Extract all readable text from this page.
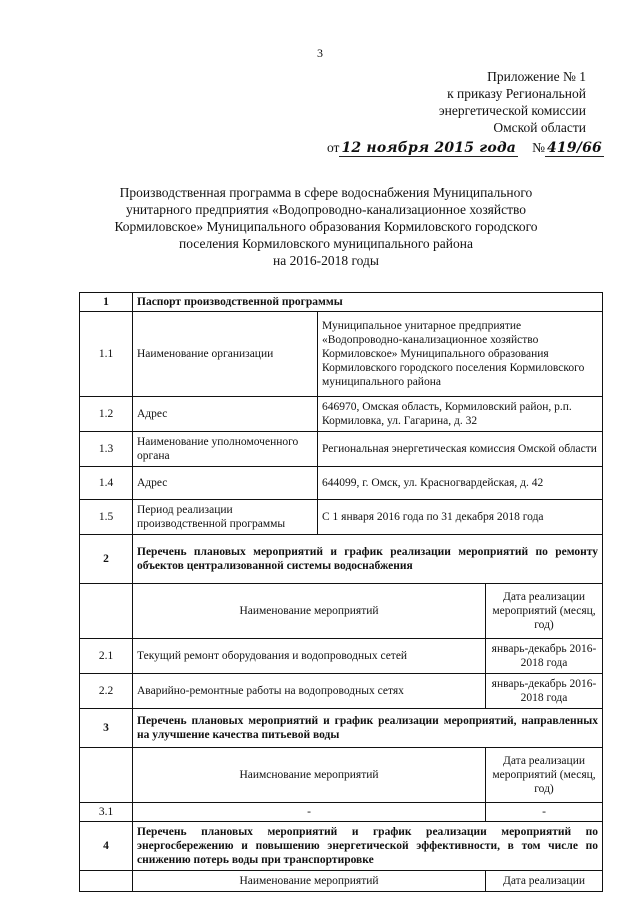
3
Приложение № 1
к приказу Региональной
энергетической комиссии
Омской области
от 12 ноября 2015 года № 419/66
Производственная программа в сфере водоснабжения Муниципального
унитарного предприятия «Водопроводно-канализационное хозяйство
Кормиловское» Муниципального образования Кормиловского городского
поселения Кормиловского муниципального района
на 2016-2018 годы
1	Паспорт производственной программы		
1.1	Наименование организации	Муниципальное унитарное предприятие «Водопроводно-канализационное хозяйство Кормиловское» Муниципального образования Кормиловского городского поселения Кормиловского муниципального района	
1.2	Адрес	646970, Омская область, Кормиловский район, р.п. Кормиловка, ул. Гагарина, д. 32	
1.3	Наименование уполномоченного органа	Региональная энергетическая комиссия Омской области	
1.4	Адрес	644099, г. Омск, ул. Красногвардейская, д. 42	
1.5	Период реализации производственной программы	С 1 января 2016 года по 31 декабря 2018 года	
2	Перечень плановых мероприятий и график реализации мероприятий по ремонту объектов централизованной системы водоснабжения		
	Наименование мероприятий		Дата реализации мероприятий (месяц, год)
2.1	Текущий ремонт оборудования и водопроводных сетей		январь-декабрь 2016-2018 года
2.2	Аварийно-ремонтные работы на водопроводных сетях		январь-декабрь 2016-2018 года
3	Перечень плановых мероприятий и график реализации мероприятий, направленных на улучшение качества питьевой воды		
	Наимснование мероприятий		Дата реализации мероприятий (месяц, год)
3.1	-		-
4	Перечень плановых мероприятий и график реализации мероприятий по энергосбережению и повышению энергетической эффективности, в том числе по снижению потерь воды при транспортировке		
	Наименование мероприятий		Дата реализации
